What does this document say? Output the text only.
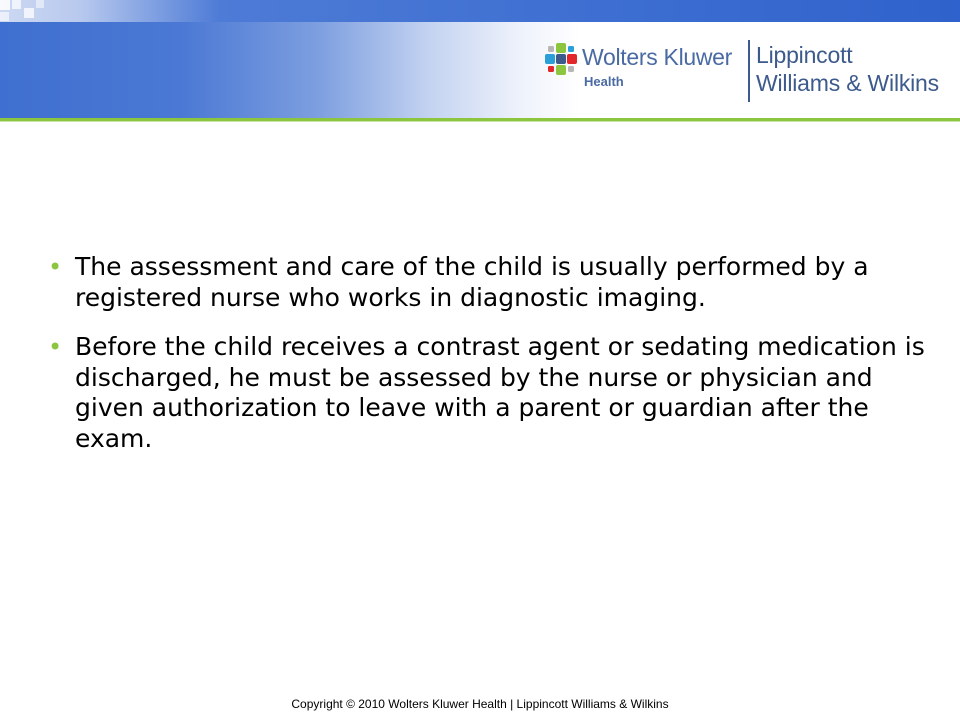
Wolters Kluwer
Health
Lippincott
Williams & Wilkins
• The assessment and care of the child is usually performed by a registered nurse who works in diagnostic imaging.
• Before the child receives a contrast agent or sedating medication is discharged, he must be assessed by the nurse or physician and given authorization to leave with a parent or guardian after the exam.
Copyright © 2010 Wolters Kluwer Health | Lippincott Williams & Wilkins
